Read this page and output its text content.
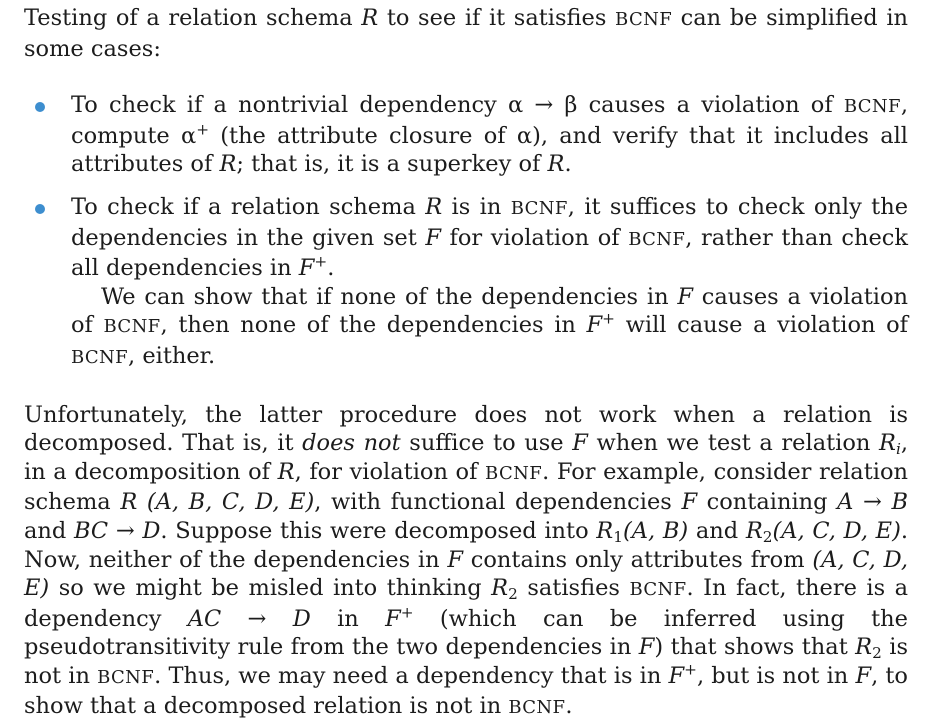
Testing of a relation schema R to see if it satisfies BCNF can be simplified in some cases:

To check if a nontrivial dependency α → β causes a violation of BCNF, compute α+ (the attribute closure of α), and verify that it includes all attributes of R; that is, it is a superkey of R.

To check if a relation schema R is in BCNF, it suffices to check only the dependencies in the given set F for violation of BCNF, rather than check all dependencies in F+.

We can show that if none of the dependencies in F causes a violation of BCNF, then none of the dependencies in F+ will cause a violation of BCNF, either.

Unfortunately, the latter procedure does not work when a relation is decomposed. That is, it does not suffice to use F when we test a relation $R_i$, in a decomposition of R, for violation of BCNF. For example, consider relation schema R (A, B, C, D, E), with functional dependencies F containing A → B and BC → D. Suppose this were decomposed into $R_1(A$, B) and $R_2(A$, C, D, E). Now, neither of the dependencies in F contains only attributes from (A, C, D, E) so we might be misled into thinking $R_2$ satisfies BCNF. In fact, there is a dependency AC → D in F+ (which can be inferred using the pseudotransitivity rule from the two dependencies in F) that shows that $R_2$ is not in BCNF. Thus, we may need a dependency that is in F+, but is not in F, to show that a decomposed relation is not in BCNF.
